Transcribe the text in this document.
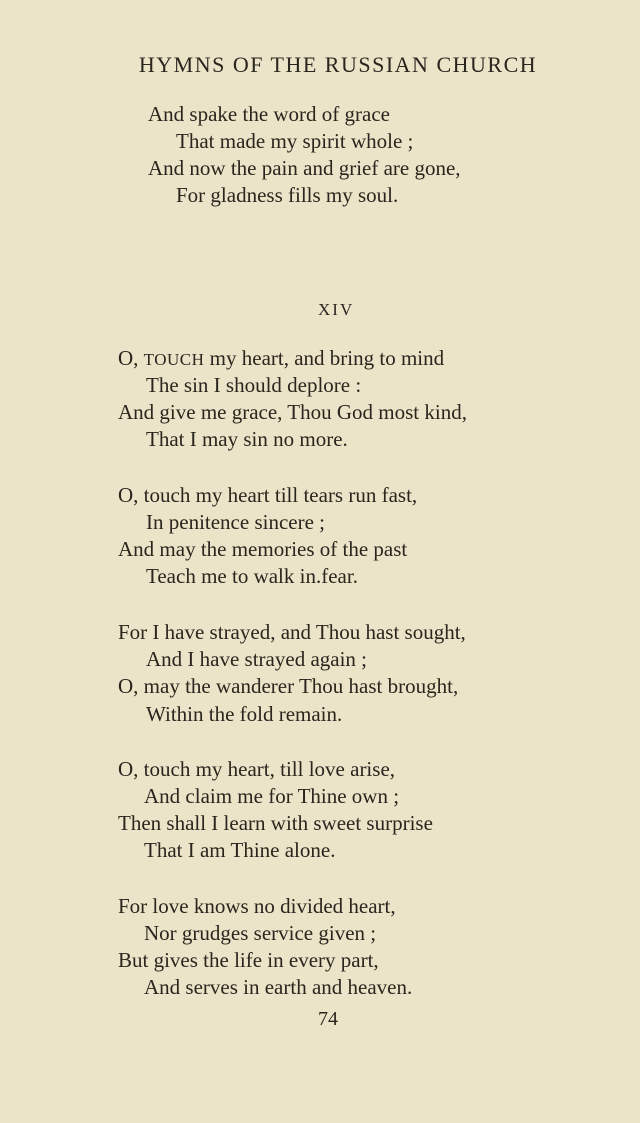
HYMNS OF THE RUSSIAN CHURCH
And spake the word of grace
That made my spirit whole ;
And now the pain and grief are gone,
For gladness fills my soul.
XIV
O, TOUCH my heart, and bring to mind
The sin I should deplore :
And give me grace, Thou God most kind,
That I may sin no more.
O, touch my heart till tears run fast,
In penitence sincere ;
And may the memories of the past
Teach me to walk in.fear.
For I have strayed, and Thou hast sought,
And I have strayed again ;
O, may the wanderer Thou hast brought,
Within the fold remain.
O, touch my heart, till love arise,
And claim me for Thine own ;
Then shall I learn with sweet surprise
That I am Thine alone.
For love knows no divided heart,
Nor grudges service given ;
But gives the life in every part,
And serves in earth and heaven.
74
